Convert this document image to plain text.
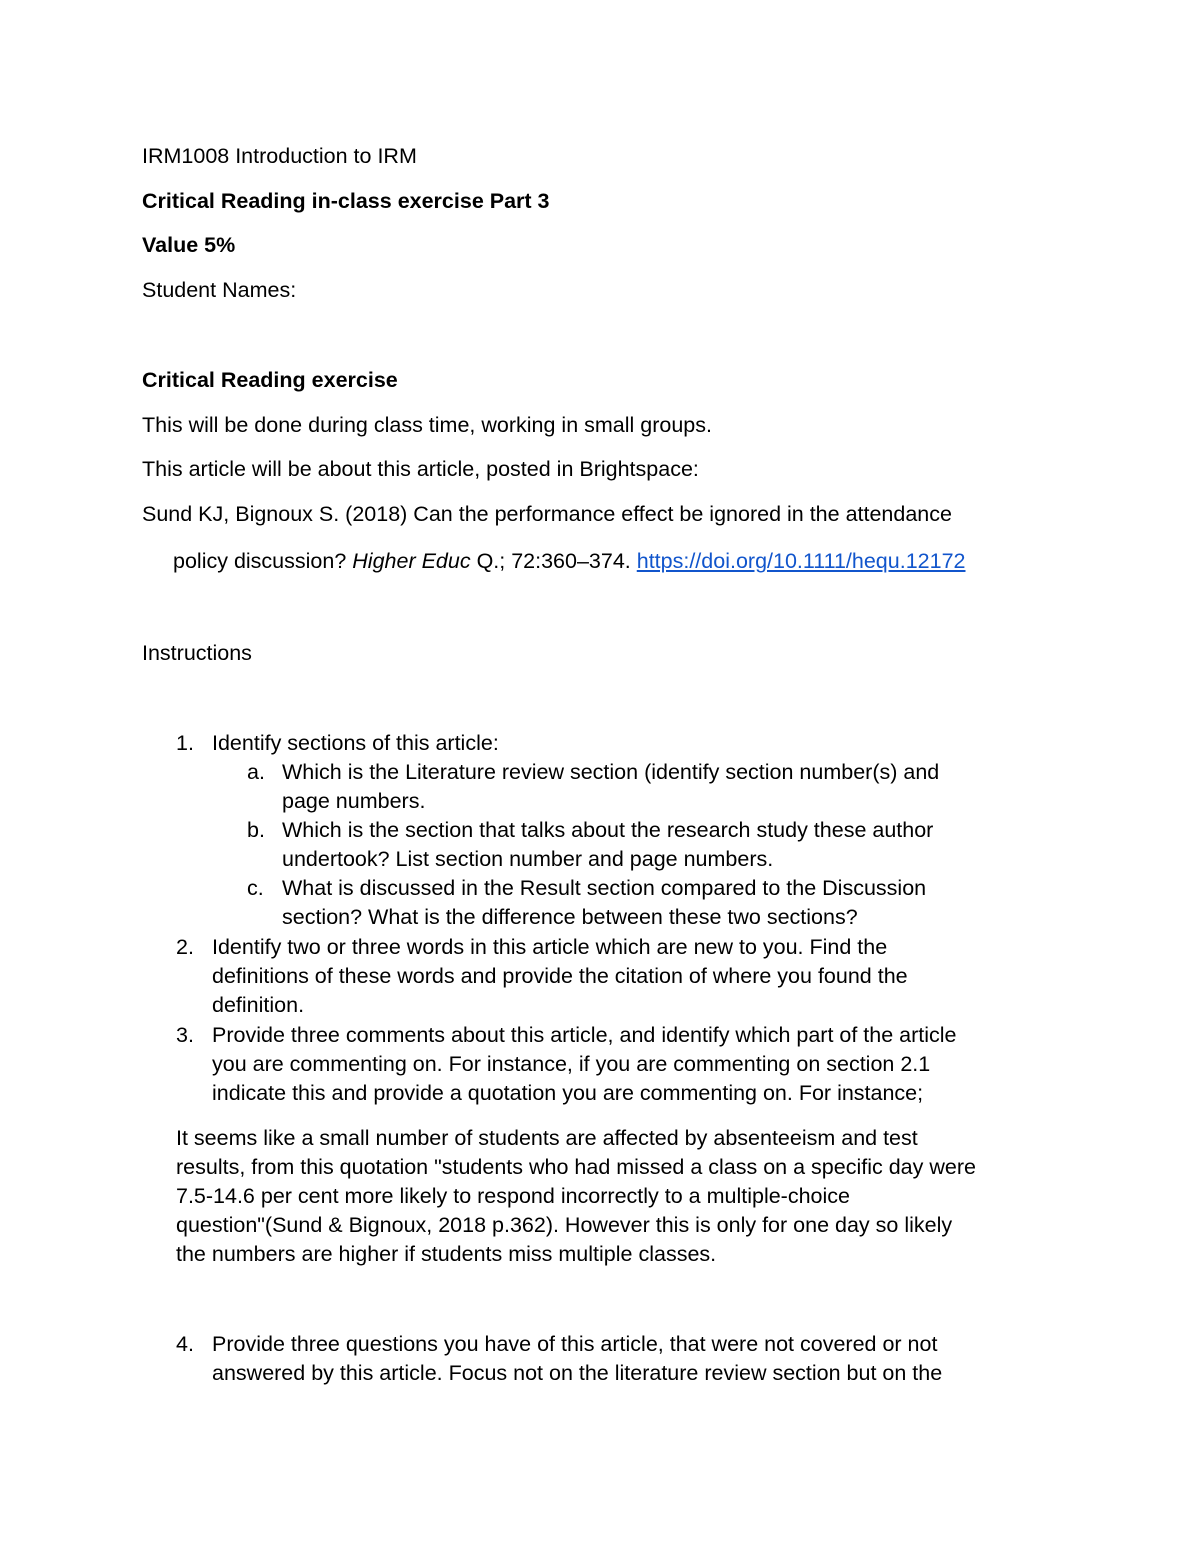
IRM1008 Introduction to IRM
Critical Reading in-class exercise Part 3
Value 5%
Student Names:
Critical Reading exercise
This will be done during class time, working in small groups.
This article will be about this article, posted in Brightspace:
Sund KJ, Bignoux S. (2018) Can the performance effect be ignored in the attendance
policy discussion? Higher Educ Q.; 72:360–374. https://doi.org/10.1111/hequ.12172
Instructions
1. Identify sections of this article:
a. Which is the Literature review section (identify section number(s) and
page numbers.
b. Which is the section that talks about the research study these author
undertook? List section number and page numbers.
c. What is discussed in the Result section compared to the Discussion
section? What is the difference between these two sections?
2. Identify two or three words in this article which are new to you. Find the
definitions of these words and provide the citation of where you found the
definition.
3. Provide three comments about this article, and identify which part of the article
you are commenting on. For instance, if you are commenting on section 2.1
indicate this and provide a quotation you are commenting on. For instance;
It seems like a small number of students are affected by absenteeism and test
results, from this quotation "students who had missed a class on a specific day were
7.5-14.6 per cent more likely to respond incorrectly to a multiple-choice
question"(Sund & Bignoux, 2018 p.362). However this is only for one day so likely
the numbers are higher if students miss multiple classes.
4. Provide three questions you have of this article, that were not covered or not
answered by this article. Focus not on the literature review section but on the
